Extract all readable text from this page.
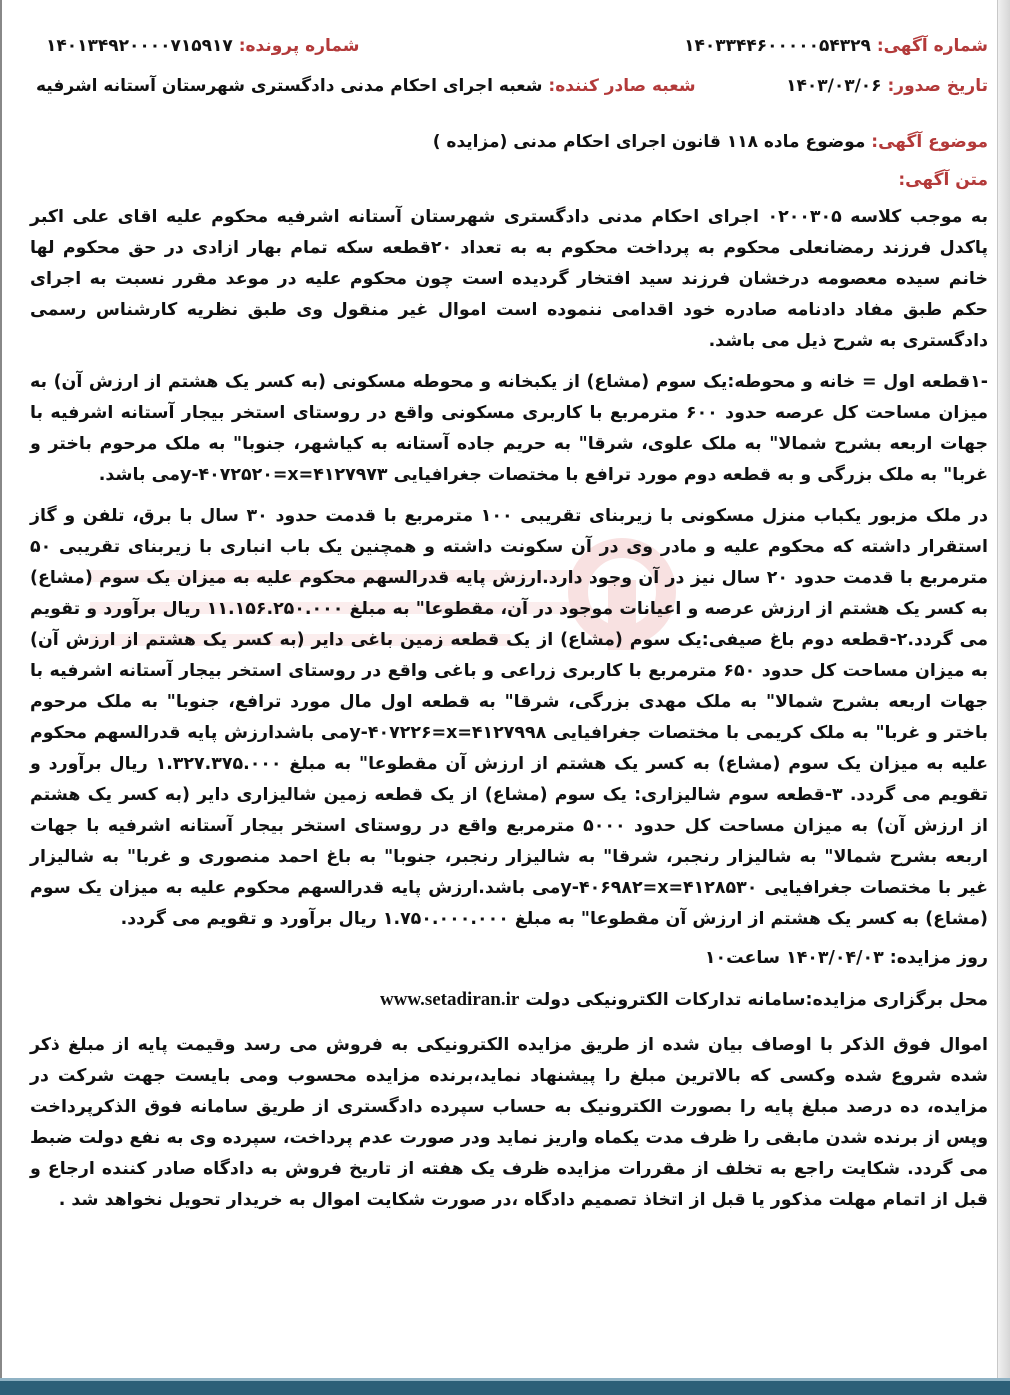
شماره آگهی: ۱۴۰۳۳۴۴۶۰۰۰۰۰۵۴۳۲۹
شماره پرونده: ۱۴۰۱۳۴۹۲۰۰۰۰۷۱۵۹۱۷
تاریخ صدور: ۱۴۰۳/۰۳/۰۶
شعبه صادر کننده: شعبه اجرای احکام مدنی دادگستری شهرستان آستانه اشرفیه
موضوع آگهی: موضوع ماده ۱۱۸ قانون اجرای احکام مدنی (مزایده )
متن آگهی:

به موجب کلاسه ۰۲۰۰۳۰۵ اجرای احکام مدنی دادگستری شهرستان آستانه اشرفیه محکوم علیه اقای علی اکبر پاکدل فرزند رمضانعلی محکوم به پرداخت محکوم به به تعداد ۲۰قطعه سکه تمام بهار ازادی در حق محکوم لها خانم سیده معصومه درخشان فرزند سید افتخار گردیده است چون محکوم علیه در موعد مقرر نسبت به اجرای حکم طبق مفاد دادنامه صادره خود اقدامی ننموده است اموال غیر منقول وی طبق نظریه کارشناس رسمی دادگستری به شرح ذیل می باشد.

-۱قطعه اول = خانه و محوطه:یک سوم (مشاع) از یکبخانه و محوطه مسکونی (به کسر یک هشتم از ارزش آن) به میزان مساحت کل عرصه حدود ۶۰۰ مترمربع با کاربری مسکونی واقع در روستای استخر بیجار آستانه اشرفیه با جهات اربعه بشرح شمالا" به ملک علوی، شرقا" به حریم جاده آستانه به کیاشهر، جنوبا" به ملک مرحوم باختر و غربا" به ملک بزرگی و به قطعه دوم مورد ترافع با مختصات جغرافیایی ۴۱۲۷۹۷۳=y-۴۰۷۲۵۲۰=xمی باشد.

در ملک مزبور یکباب منزل مسکونی با زیربنای تقریبی ۱۰۰ مترمربع با قدمت حدود ۳۰ سال با برق، تلفن و گاز استقرار داشته که محکوم علیه و مادر وی در آن سکونت داشته و همچنین یک باب انباری با زیربنای تقریبی ۵۰ مترمربع با قدمت حدود ۲۰ سال نیز در آن وجود دارد.ارزش پایه قدرالسهم محکوم علیه به میزان یک سوم (مشاع) به کسر یک هشتم از ارزش عرصه و اعیانات موجود در آن، مقطوعا" به مبلغ ۱۱.۱۵۶.۲۵۰.۰۰۰ ریال برآورد و تقویم می گردد.۲-قطعه دوم باغ صیفی:یک سوم (مشاع) از یک قطعه زمین باغی دایر (به کسر یک هشتم از ارزش آن) به میزان مساحت کل حدود ۶۵۰ مترمربع با کاربری زراعی و باغی واقع در روستای استخر بیجار آستانه اشرفیه با جهات اربعه بشرح شمالا" به ملک مهدی بزرگی، شرقا" به قطعه اول مال مورد ترافع، جنوبا" به ملک مرحوم باختر و غربا" به ملک کریمی با مختصات جغرافیایی ۴۱۲۷۹۹۸=y-۴۰۷۲۲۶=xمی باشدارزش پایه قدرالسهم محکوم علیه به میزان یک سوم (مشاع) به کسر یک هشتم از ارزش آن مقطوعا" به مبلغ ۱.۳۲۷.۳۷۵.۰۰۰ ریال برآورد و تقویم می گردد. ۳-قطعه سوم شالیزاری: یک سوم (مشاع) از یک قطعه زمین شالیزاری دایر (به کسر یک هشتم از ارزش آن) به میزان مساحت کل حدود ۵۰۰۰ مترمربع واقع در روستای استخر بیجار آستانه اشرفیه با جهات اربعه بشرح شمالا" به شالیزار رنجبر، شرقا" به شالیزار رنجبر، جنوبا" به باغ احمد منصوری و غربا" به شالیزار غیر با مختصات جغرافیایی ۴۱۲۸۵۳۰=y-۴۰۶۹۸۲=xمی باشد.ارزش پایه قدرالسهم محکوم علیه به میزان یک سوم (مشاع) به کسر یک هشتم از ارزش آن مقطوعا" به مبلغ ۱.۷۵۰.۰۰۰.۰۰۰ ریال برآورد و تقویم می گردد.

روز مزایده: ۱۴۰۳/۰۴/۰۳ ساعت۱۰

محل برگزاری مزایده:سامانه تدارکات الکترونیکی دولت www.setadiran.ir

اموال فوق الذکر با اوصاف بیان شده از طریق مزایده الکترونیکی به فروش می رسد وقیمت پایه از مبلغ ذکر شده شروع شده وکسی که بالاترین مبلغ را پیشنهاد نماید،برنده مزایده محسوب ومی بایست جهت شرکت در مزایده، ده درصد مبلغ پایه را بصورت الکترونیک به حساب سپرده دادگستری از طریق سامانه فوق الذکرپرداخت وپس از برنده شدن مابقی را ظرف مدت یکماه واریز نماید ودر صورت عدم پرداخت، سپرده وی به نفع دولت ضبط می گردد. شکایت راجع به تخلف از مقررات مزایده ظرف یک هفته از تاریخ فروش به دادگاه صادر کننده ارجاع و قبل از اتمام مهلت مذکور یا قبل از اتخاذ تصمیم دادگاه ،در صورت شکایت اموال به خریدار تحویل نخواهد شد .
